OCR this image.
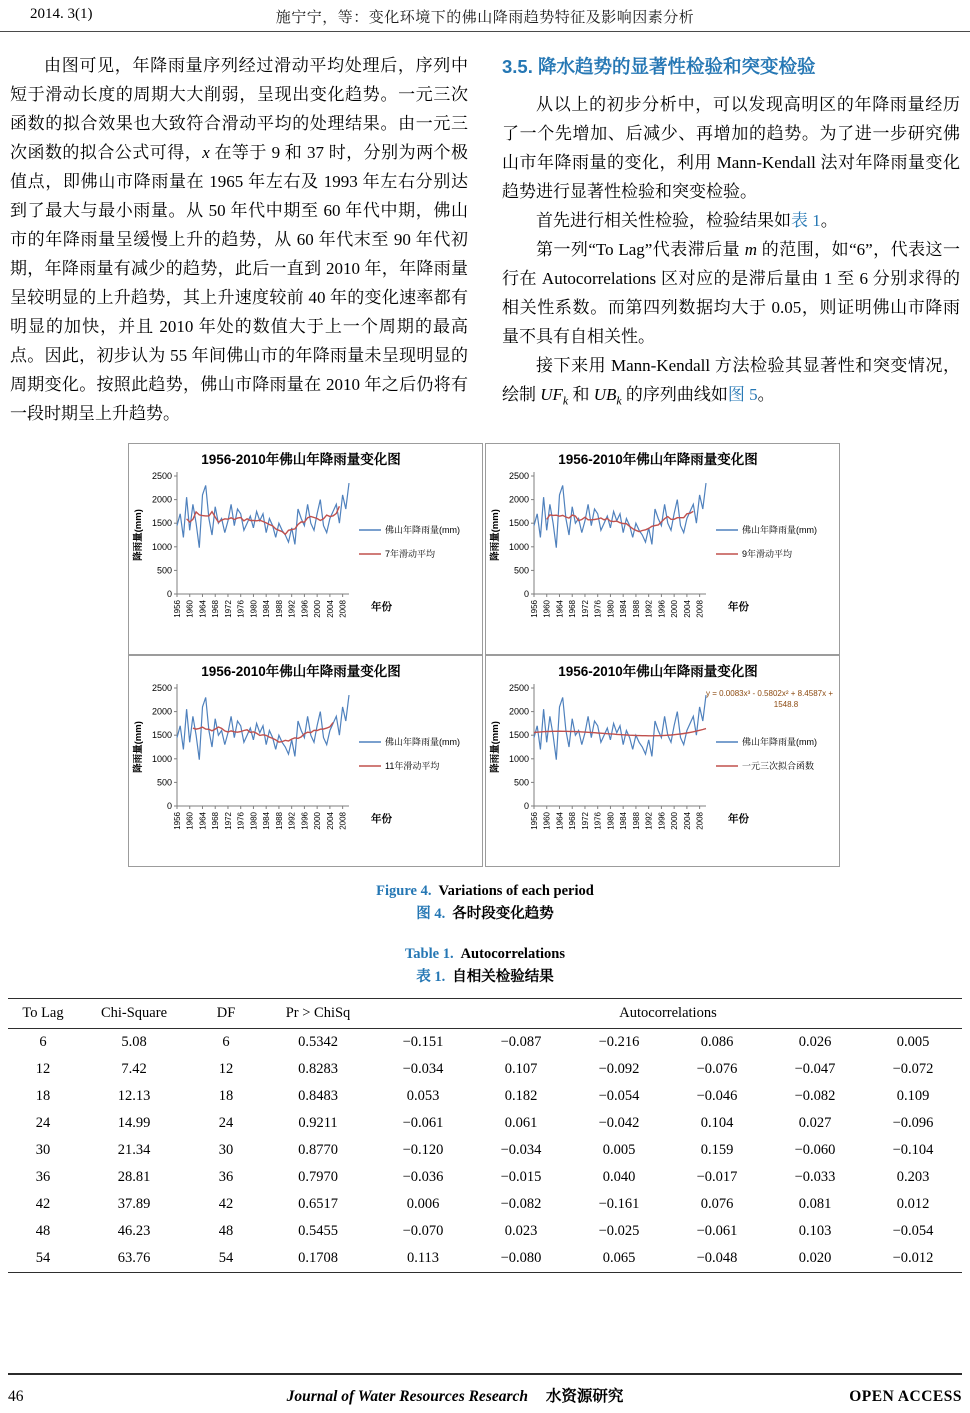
2014. 3(1)	施宁宁，等：变化环境下的佛山降雨趋势特征及影响因素分析

由图可见，年降雨量序列经过滑动平均处理后，序列中短于滑动长度的周期大大削弱，呈现出变化趋势。一元三次函数的拟合效果也大致符合滑动平均的处理结果。由一元三次函数的拟合公式可得，x 在等于 9 和 37 时，分别为两个极值点，即佛山市降雨量在 1965 年左右及 1993 年左右分别达到了最大与最小雨量。从 50 年代中期至 60 年代中期，佛山市的年降雨量呈缓慢上升的趋势，从 60 年代末至 90 年代初期，年降雨量有减少的趋势，此后一直到 2010 年，年降雨量呈较明显的上升趋势，其上升速度较前 40 年的变化速率都有明显的加快，并且 2010 年处的数值大于上一个周期的最高点。因此，初步认为 55 年间佛山市的年降雨量未呈现明显的周期变化。按照此趋势，佛山市降雨量在 2010 年之后仍将有一段时期呈上升趋势。

3.5. 降水趋势的显著性检验和突变检验

从以上的初步分析中，可以发现高明区的年降雨量经历了一个先增加、后减少、再增加的趋势。为了进一步研究佛山市年降雨量的变化，利用 Mann-Kendall 法对年降雨量变化趋势进行显著性检验和突变检验。

首先进行相关性检验，检验结果如表 1。

第一列“To Lag”代表滞后量 m 的范围，如“6”，代表这一行在 Autocorrelations 区对应的是滞后量由 1 至 6 分别求得的相关性系数。而第四列数据均大于 0.05，则证明佛山市降雨量不具有自相关性。

接下来用 Mann-Kendall 方法检验其显著性和突变情况，绘制 $UF_k$ 和 $UB_k$ 的序列曲线如图 5。

1956-2010年佛山年降雨量变化图
0
500
1000
1500
2000
2500
1956 1960 1964 1968 1972 1976 1980 1984 1988 1992 1996 2000 2004 2008
降雨量(mm)
年份
佛山年降雨量(mm)
7年滑动平均
1956-2010年佛山年降雨量变化图
0
500
1000
1500
2000
2500
1956 1960 1964 1968 1972 1976 1980 1984 1988 1992 1996 2000 2004 2008
降雨量(mm)
年份
佛山年降雨量(mm)
9年滑动平均
1956-2010年佛山年降雨量变化图
0
500
1000
1500
2000
2500
1956 1960 1964 1968 1972 1976 1980 1984 1988 1992 1996 2000 2004 2008
降雨量(mm)
年份
佛山年降雨量(mm)
11年滑动平均
1956-2010年佛山年降雨量变化图
0
500
1000
1500
2000
2500
1956 1960 1964 1968 1972 1976 1980 1984 1988 1992 1996 2000 2004 2008
降雨量(mm)
年份
佛山年降雨量(mm)
一元三次拟合函数
y = 0.0083x³ - 0.5802x² + 8.4587x +
1548.8
Figure 4. Variations of each period
图 4. 各时段变化趋势
Table 1. Autocorrelations
表 1. 自相关检验结果
To Lag	Chi-Square	DF	Pr > ChiSq	Autocorrelations					
6	5.08	6	0.5342	−0.151	−0.087	−0.216	0.086	0.026	0.005
12	7.42	12	0.8283	−0.034	0.107	−0.092	−0.076	−0.047	−0.072
18	12.13	18	0.8483	0.053	0.182	−0.054	−0.046	−0.082	0.109
24	14.99	24	0.9211	−0.061	0.061	−0.042	0.104	0.027	−0.096
30	21.34	30	0.8770	−0.120	−0.034	0.005	0.159	−0.060	−0.104
36	28.81	36	0.7970	−0.036	−0.015	0.040	−0.017	−0.033	0.203
42	37.89	42	0.6517	0.006	−0.082	−0.161	0.076	0.081	0.012
48	46.23	48	0.5455	−0.070	0.023	−0.025	−0.061	0.103	−0.054
54	63.76	54	0.1708	0.113	−0.080	0.065	−0.048	0.020	−0.012
46	Journal of Water Resources Research 水资源研究	OPEN ACCESS
